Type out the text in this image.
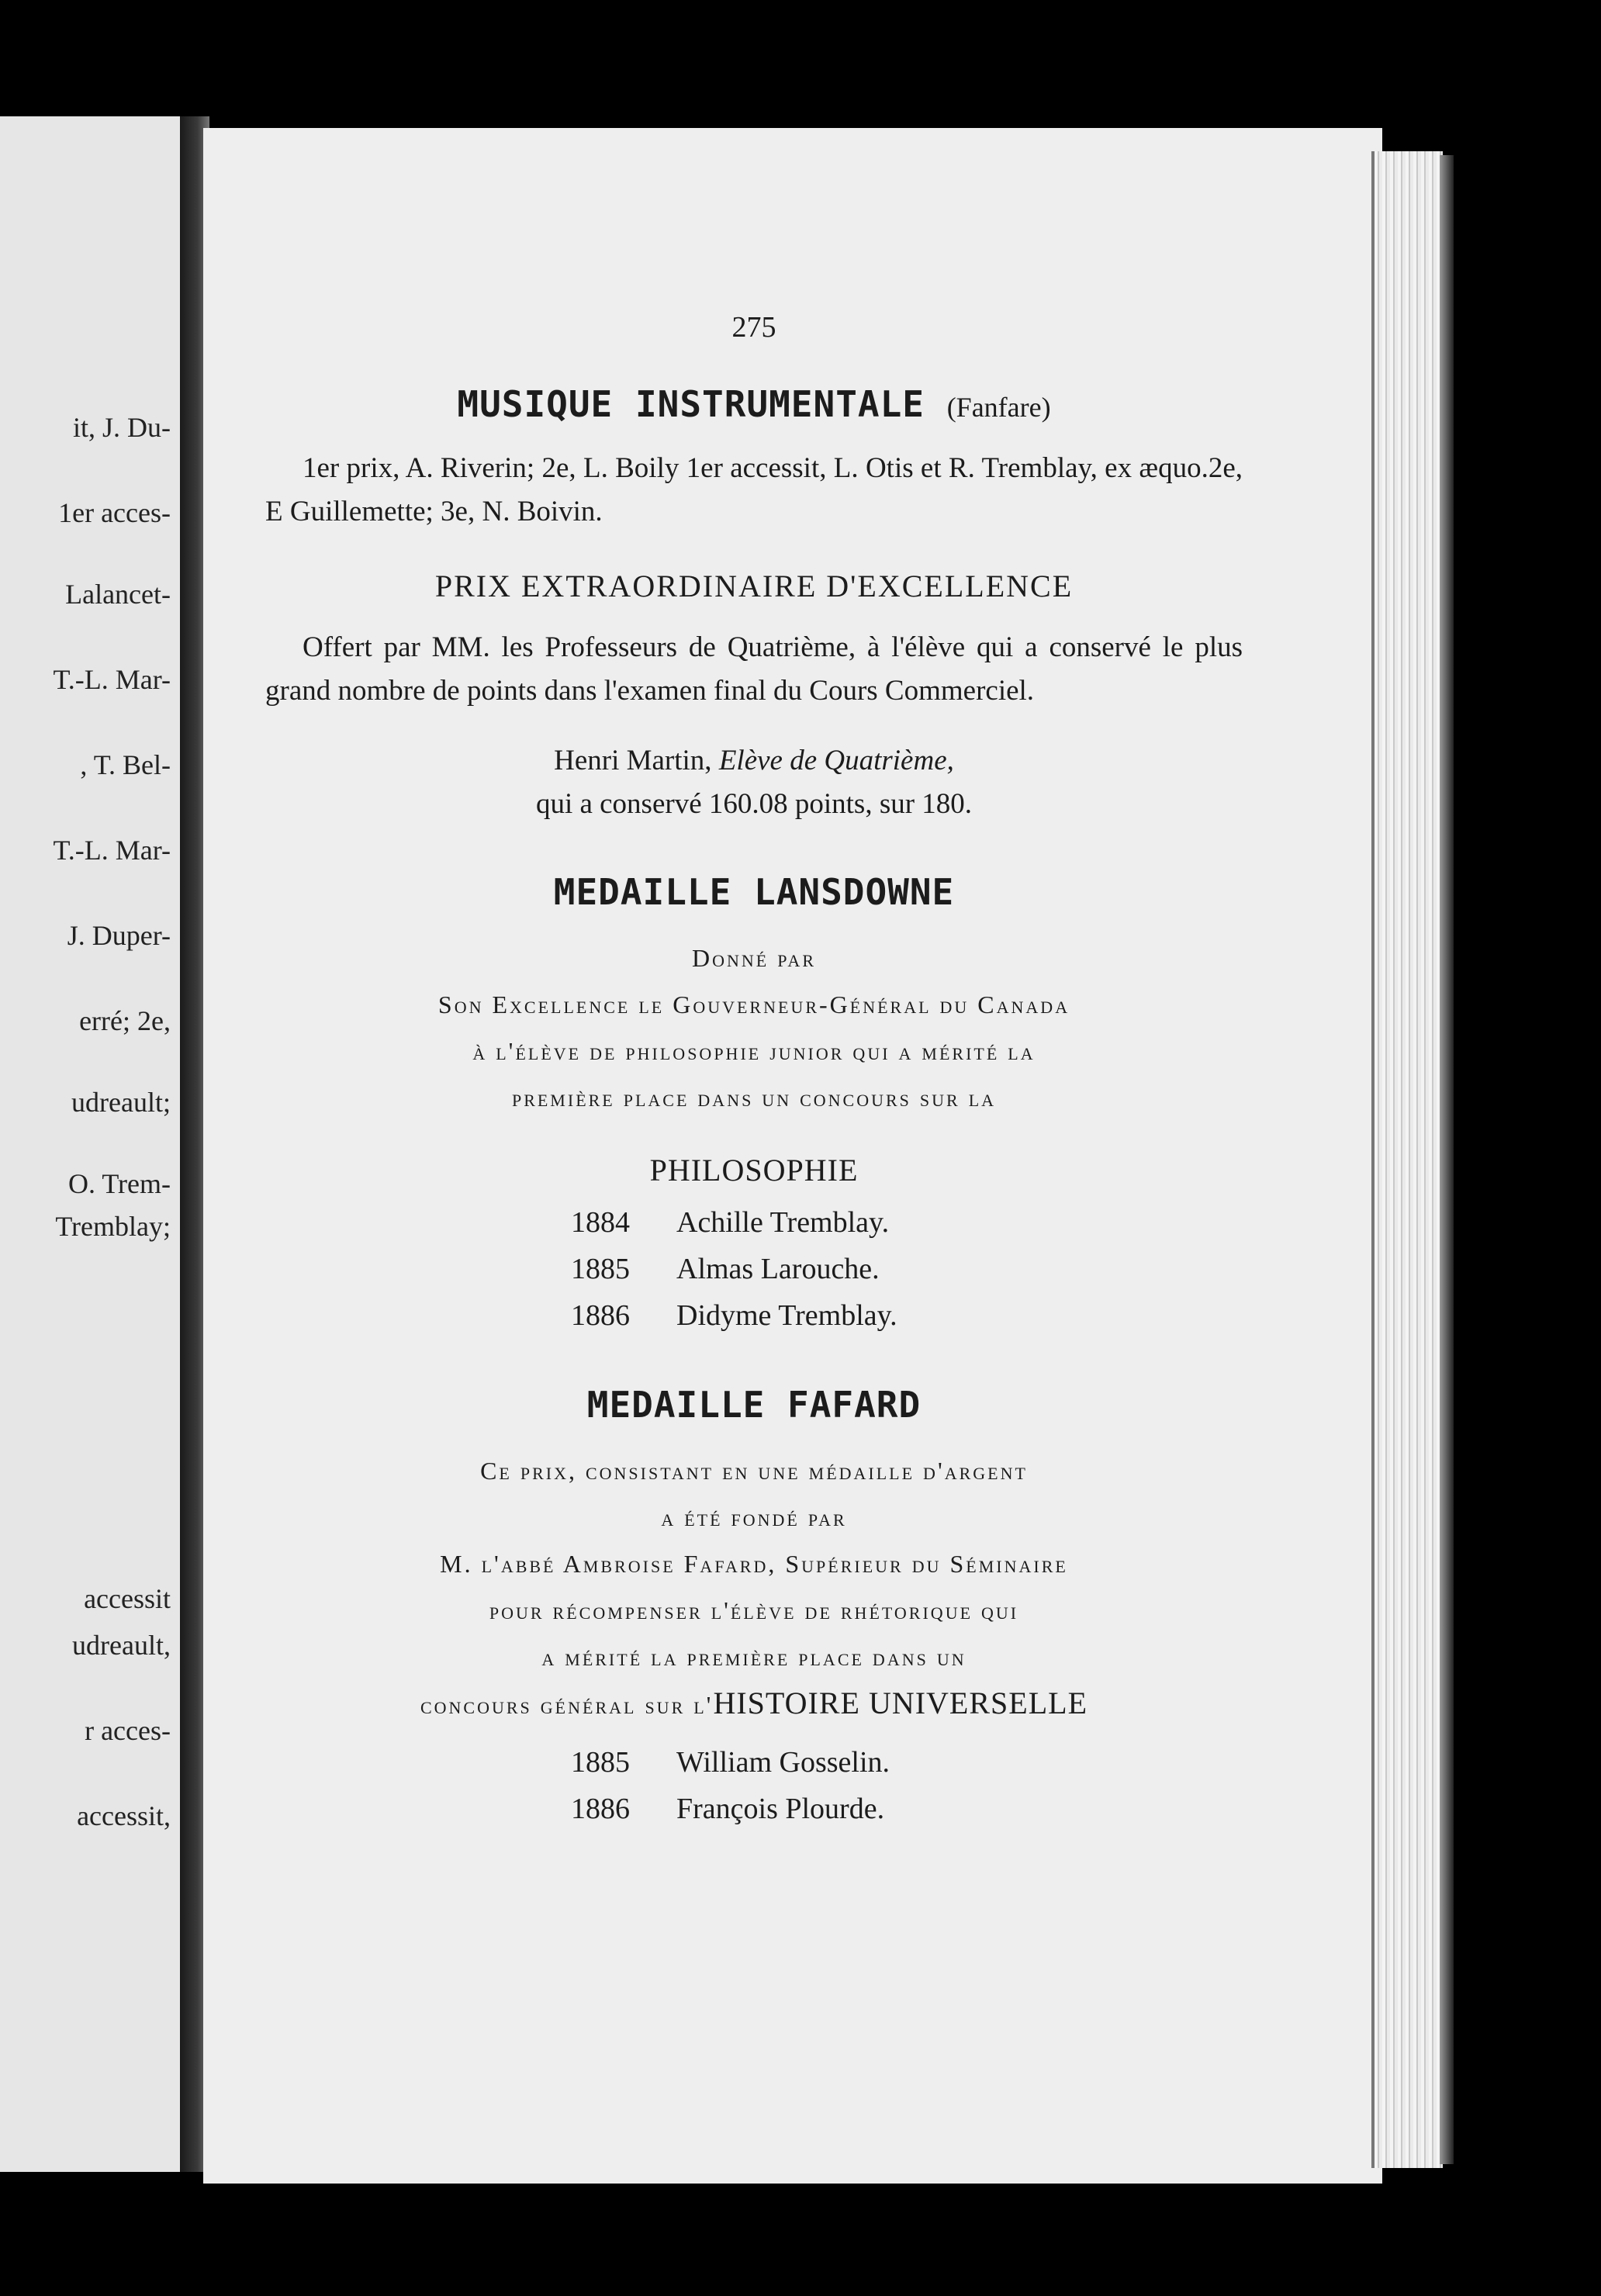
it, J. Du-
1er acces-
Lalancet-
T.-L. Mar-
, T. Bel-
T.-L. Mar-
J. Duper-
erré; 2e,
udreault;
O. Trem-
Tremblay;
accessit
udreault,
r acces-
accessit,

275

MUSIQUE INSTRUMENTALE (Fanfare)

1er prix, A. Riverin; 2e, L. Boily 1er accessit, L. Otis et R. Tremblay, ex æquo.2e, E Guillemette; 3e, N. Boivin.

PRIX EXTRAORDINAIRE D'EXCELLENCE

Offert par MM. les Professeurs de Quatrième, à l'élève qui a conservé le plus grand nombre de points dans l'examen final du Cours Commerciel.

Henri Martin, Elève de Quatrième,
qui a conservé 160.08 points, sur 180.

MEDAILLE LANSDOWNE

Donné par

Son Excellence le Gouverneur-Général du Canada

à l'élève de philosophie junior qui a mérité la

première place dans un concours sur la

PHILOSOPHIE

1884 Achille Tremblay.
1885 Almas Larouche.
1886 Didyme Tremblay.

MEDAILLE FAFARD

Ce prix, consistant en une médaille d'argent

a été fondé par

M. l'abbé Ambroise Fafard, Supérieur du Séminaire

pour récompenser l'élève de rhétorique qui

a mérité la première place dans un

concours général sur l'HISTOIRE UNIVERSELLE

1885 William Gosselin.
1886 François Plourde.
